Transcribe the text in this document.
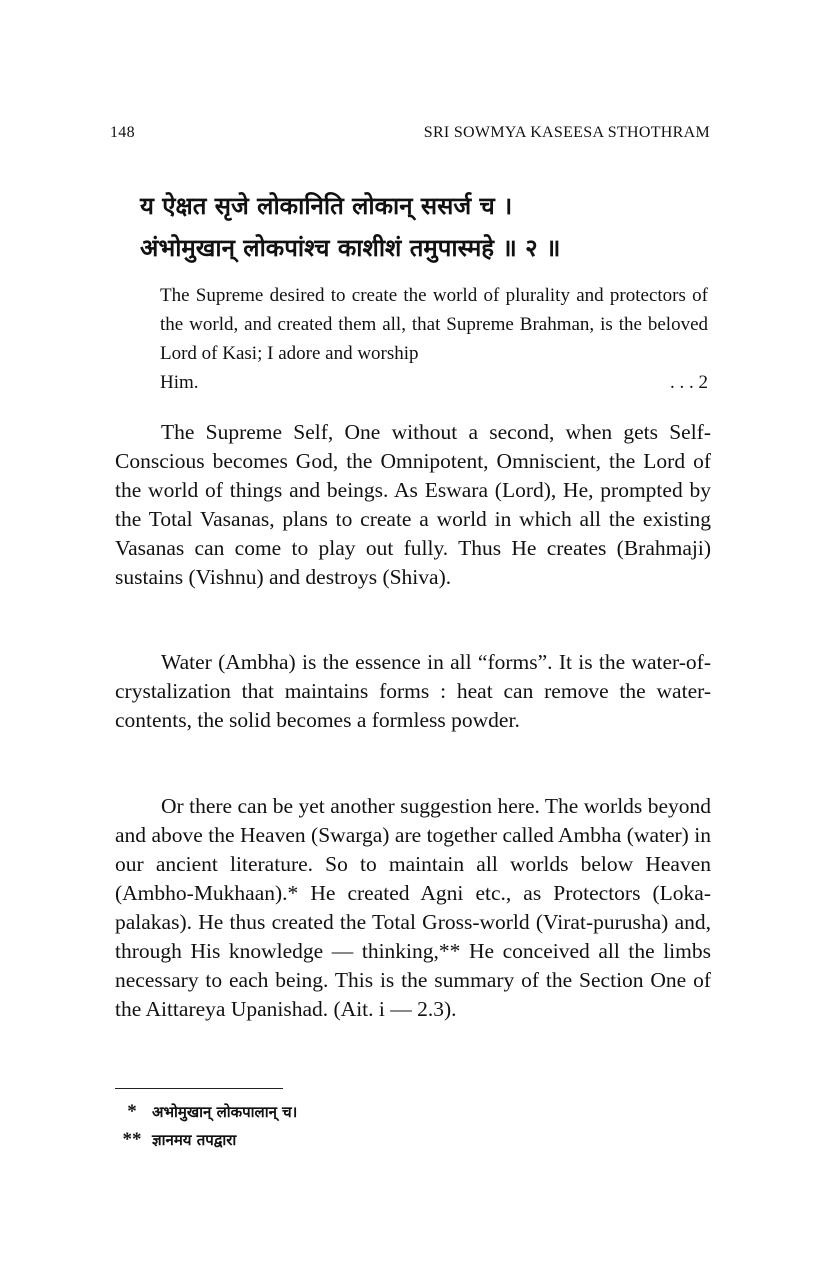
148	SRI SOWMYA KASEESA STHOTHRAM
य ऐक्षत सृजे लोकानिति लोकान् ससर्ज च ।
अंभोमुखान् लोकपांश्च काशीशं तमुपास्महे ॥ २ ॥
The Supreme desired to create the world of plurality and protectors of the world, and created them all, that Supreme Brahman, is the beloved Lord of Kasi; I adore and worship
Him.	. . . 2

The Supreme Self, One without a second, when gets Self-Conscious becomes God, the Omnipotent, Omniscient, the Lord of the world of things and beings. As Eswara (Lord), He, prompted by the Total Vasanas, plans to create a world in which all the existing Vasanas can come to play out fully. Thus He creates (Brahmaji) sustains (Vishnu) and destroys (Shiva).

Water (Ambha) is the essence in all “forms”. It is the water-of-crystalization that maintains forms : heat can remove the water-contents, the solid becomes a formless powder.

Or there can be yet another suggestion here. The worlds beyond and above the Heaven (Swarga) are together called Ambha (water) in our ancient literature. So to maintain all worlds below Heaven (Ambho-Mukhaan).* He created Agni etc., as Protectors (Loka-palakas). He thus created the Total Gross-world (Virat-purusha) and, through His knowledge — thinking,** He conceived all the limbs necessary to each being. This is the summary of the Section One of the Aittareya Upanishad. (Ait. i — 2.3).

*	अभोमुखान् लोकपालान् च।
** ज्ञानमय तपद्वारा
